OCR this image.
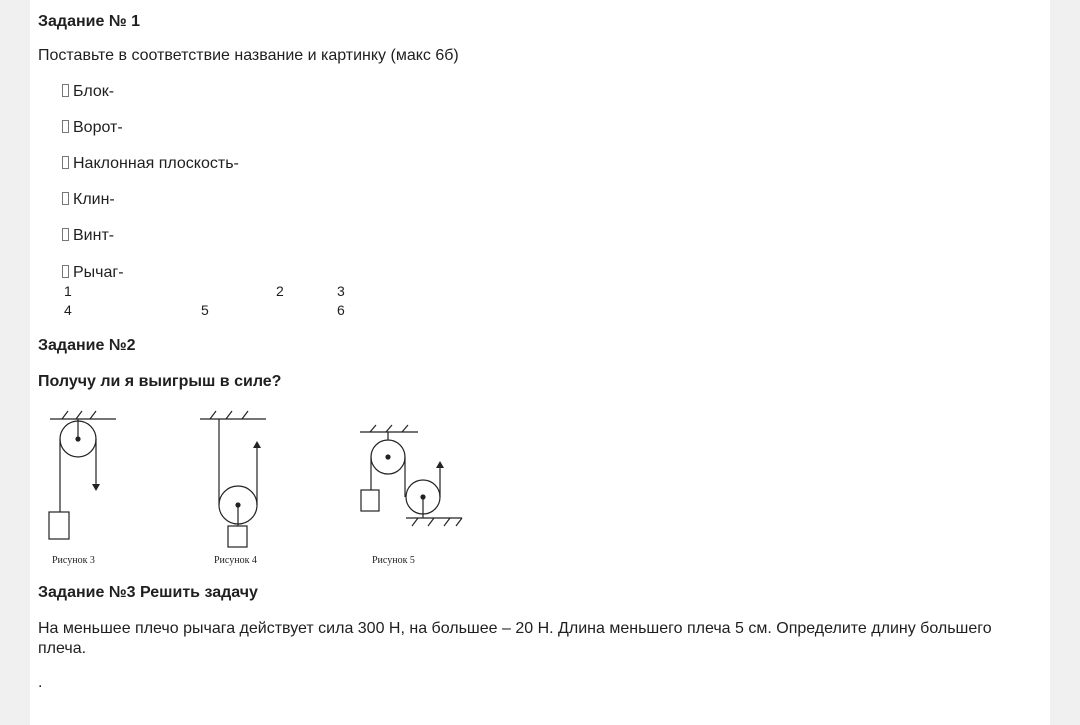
Задание № 1
Поставьте в соответствие название и картинку (макс 6б)
Блок-
Ворот-
Наклонная плоскость-
Клин-
Винт-
Рычаг-
1	2	3
4	5	6
Задание №2
Получу ли я выигрыш в силе?
Рисунок 3	Рисунок 4	Рисунок 5
Задание №3 Решить задачу
На меньшее плечо рычага действует сила 300 Н, на большее – 20 Н. Длина меньшего плеча 5 см. Определите длину большего плеча.
.
